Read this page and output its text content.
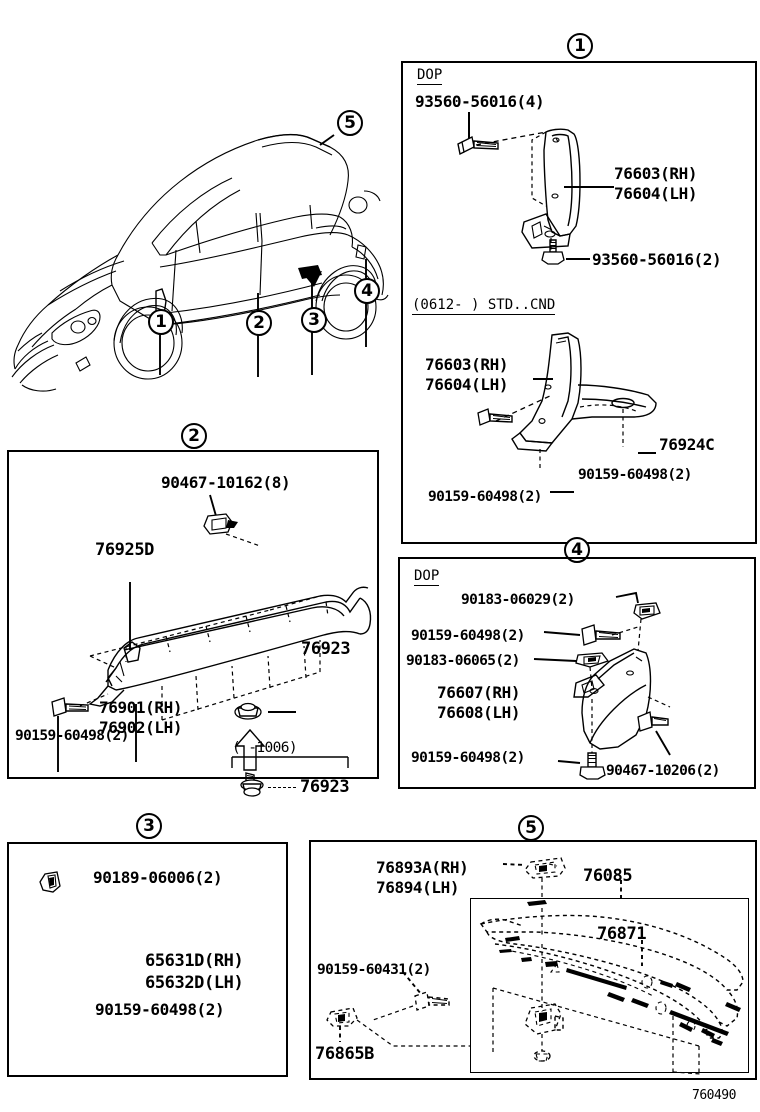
1	2	3
4
5
1
DOP
93560-56016(4)
76603(RH)
76604(LH)
93560-56016(2)
(0612- ) STD..CND
76603(RH)
76604(LH)
76924C
90159-60498(2)
90159-60498(2)
2
90467-10162(8)
76925D
76923
76901(RH)
76902(LH)
90159-60498(2)
( -1006)
76923
4
DOP
90183-06029(2)
90159-60498(2)
90183-06065(2)
76607(RH)
76608(LH)
90159-60498(2)
90467-10206(2)
3
90189-06006(2)
65631D(RH)
65632D(LH)
90159-60498(2)
5
76893A(RH)
76894(LH)
76085
76871
90159-60431(2)
76865B
760490
